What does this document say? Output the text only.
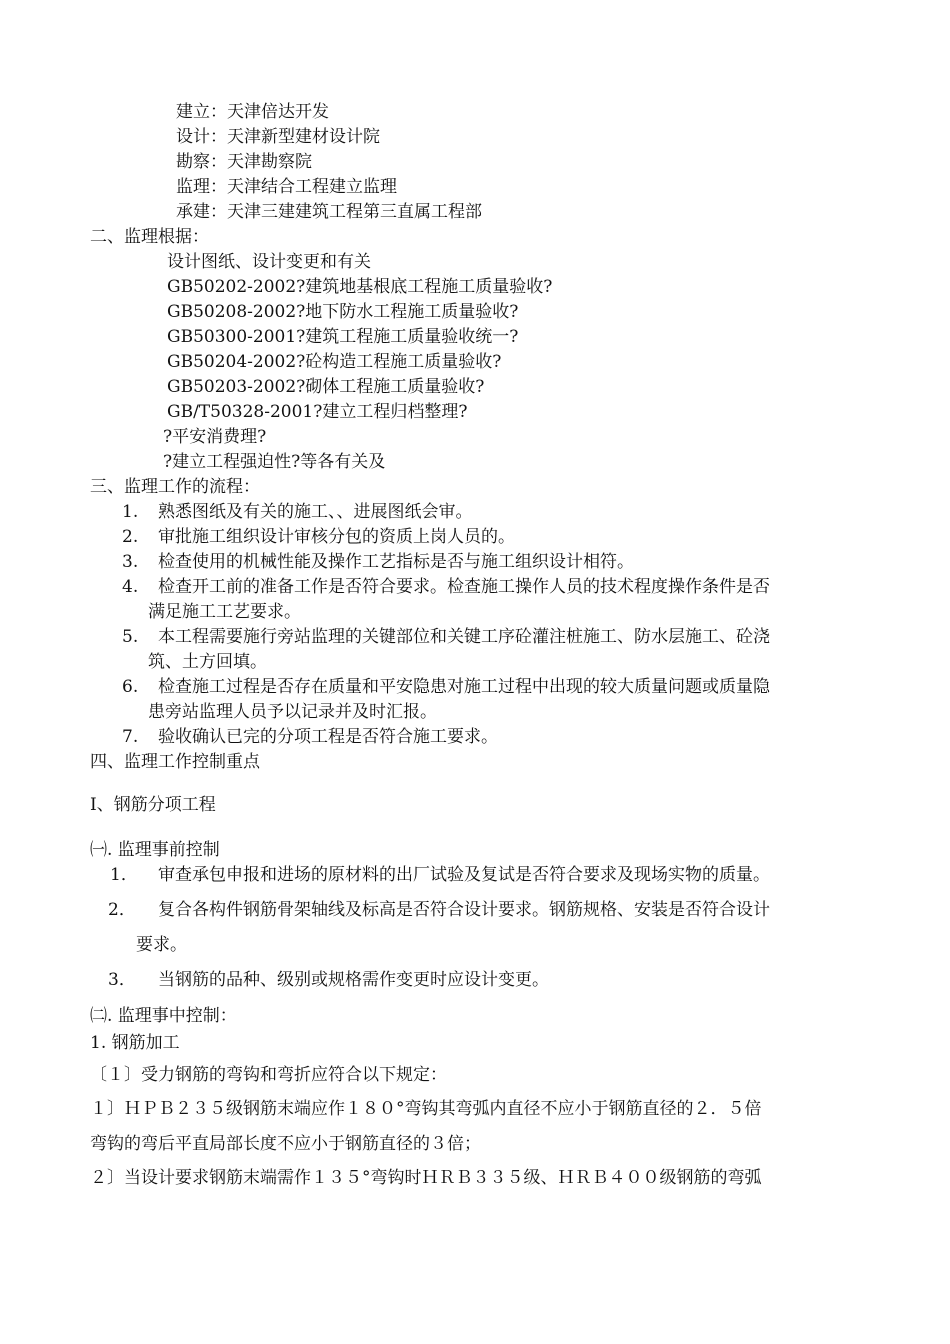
建立：天津倍达开发
设计：天津新型建材设计院
勘察：天津勘察院
监理：天津结合工程建立监理
承建：天津三建建筑工程第三直属工程部
二、监理根据：
设计图纸、设计变更和有关
GB50202-2002?建筑地基根底工程施工质量验收?
GB50208-2002?地下防水工程施工质量验收?
GB50300-2001?建筑工程施工质量验收统一?
GB50204-2002?砼构造工程施工质量验收?
GB50203-2002?砌体工程施工质量验收?
GB/T50328-2001?建立工程归档整理?
?平安消费理?
?建立工程强迫性?等各有关及
三、监理工作的流程：
1. 熟悉图纸及有关的施工、、进展图纸会审。
2. 审批施工组织设计审核分包的资质上岗人员的。
3. 检查使用的机械性能及操作工艺指标是否与施工组织设计相符。
4. 检查开工前的准备工作是否符合要求。检查施工操作人员的技术程度操作条件是否
满足施工工艺要求。
5. 本工程需要施行旁站监理的关键部位和关键工序砼灌注桩施工、防水层施工、砼浇
筑、土方回填。
6. 检查施工过程是否存在质量和平安隐患对施工过程中出现的较大质量问题或质量隐
患旁站监理人员予以记录并及时汇报。
7. 验收确认已完的分项工程是否符合施工要求。
四、监理工作控制重点
Ⅰ、钢筋分项工程
㈠. 监理事前控制
1． 审查承包申报和进场的原材料的出厂试验及复试是否符合要求及现场实物的质量。
2． 复合各构件钢筋骨架轴线及标高是否符合设计要求。钢筋规格、安装是否符合设计
要求。
3． 当钢筋的品种、级别或规格需作变更时应设计变更。
㈡. 监理事中控制：
1. 钢筋加工
〔１〕受力钢筋的弯钩和弯折应符合以下规定：
１〕ＨＰＢ２３５级钢筋末端应作１８０°弯钩其弯弧内直径不应小于钢筋直径的２．５倍
弯钩的弯后平直局部长度不应小于钢筋直径的３倍；
２〕当设计要求钢筋末端需作１３５°弯钩时ＨＲＢ３３５级、ＨＲＢ４００级钢筋的弯弧
